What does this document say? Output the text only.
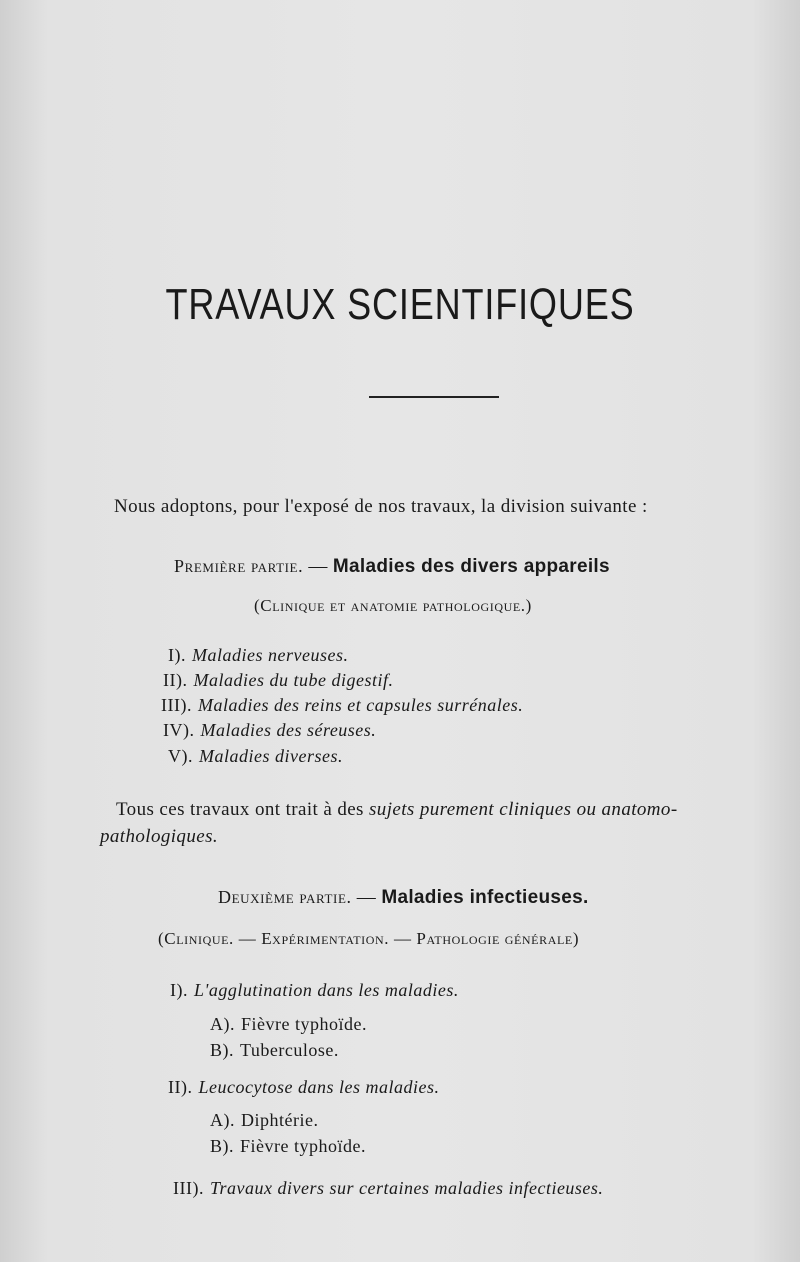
TRAVAUX SCIENTIFIQUES
Nous adoptons, pour l'exposé de nos travaux, la division suivante :
Première partie. — Maladies des divers appareils
(Clinique et anatomie pathologique.)
I). Maladies nerveuses.
II). Maladies du tube digestif.
III). Maladies des reins et capsules surrénales.
IV). Maladies des séreuses.
V). Maladies diverses.
Tous ces travaux ont trait à des sujets purement cliniques ou anatomo-
pathologiques.
Deuxième partie. — Maladies infectieuses.
(Clinique. — Expérimentation. — Pathologie générale)
I). L'agglutination dans les maladies.
A). Fièvre typhoïde.
B). Tuberculose.
II). Leucocytose dans les maladies.
A). Diphtérie.
B). Fièvre typhoïde.
III). Travaux divers sur certaines maladies infectieuses.
